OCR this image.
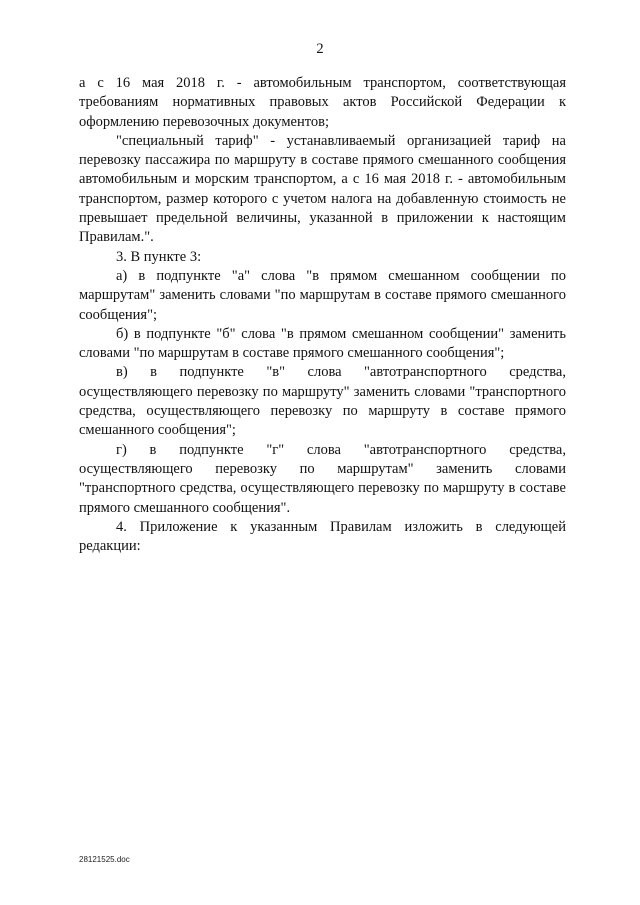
2

а с 16 мая 2018 г. - автомобильным транспортом, соответствующая требованиям нормативных правовых актов Российской Федерации к оформлению перевозочных документов;

"специальный тариф" - устанавливаемый организацией тариф на перевозку пассажира по маршруту в составе прямого смешанного сообщения автомобильным и морским транспортом, а с 16 мая 2018 г. - автомобильным транспортом, размер которого с учетом налога на добавленную стоимость не превышает предельной величины, указанной в приложении к настоящим Правилам.".

3. В пункте 3:

а) в подпункте "а" слова "в прямом смешанном сообщении по маршрутам" заменить словами "по маршрутам в составе прямого смешанного сообщения";

б) в подпункте "б" слова "в прямом смешанном сообщении" заменить словами "по маршрутам в составе прямого смешанного сообщения";

в) в подпункте "в" слова "автотранспортного средства, осуществляющего перевозку по маршруту" заменить словами "транспортного средства, осуществляющего перевозку по маршруту в составе прямого смешанного сообщения";

г) в подпункте "г" слова "автотранспортного средства, осуществляющего перевозку по маршрутам" заменить словами "транспортного средства, осуществляющего перевозку по маршруту в составе прямого смешанного сообщения".

4. Приложение к указанным Правилам изложить в следующей редакции:

28121525.doc
